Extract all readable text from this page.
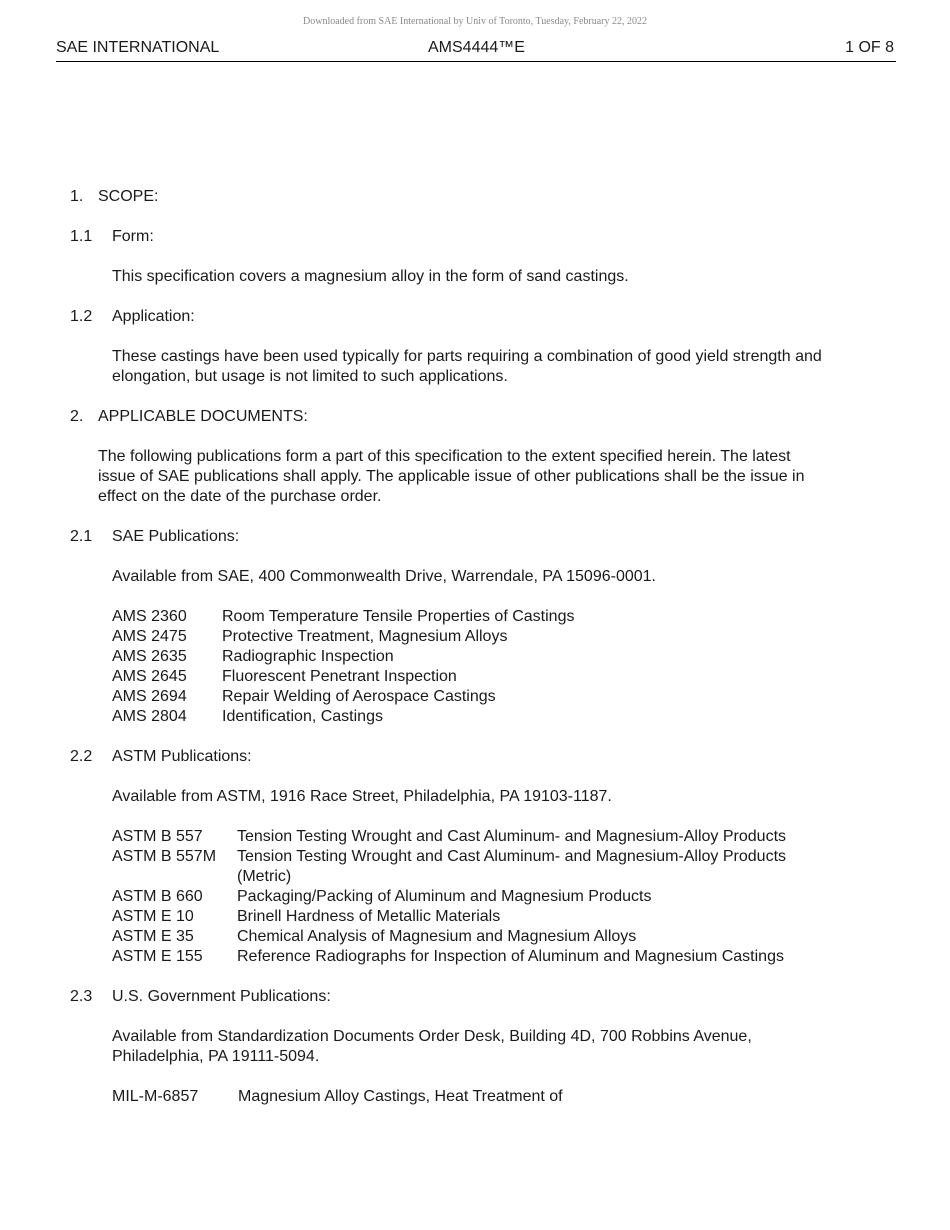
Downloaded from SAE International by Univ of Toronto, Tuesday, February 22, 2022
SAE INTERNATIONAL	AMS4444™E	1 OF 8
1. SCOPE:
1.1	Form:
This specification covers a magnesium alloy in the form of sand castings.
1.2	Application:
These castings have been used typically for parts requiring a combination of good yield strength and
elongation, but usage is not limited to such applications.
2. APPLICABLE DOCUMENTS:
The following publications form a part of this specification to the extent specified herein. The latest
issue of SAE publications shall apply. The applicable issue of other publications shall be the issue in
effect on the date of the purchase order.
2.1	SAE Publications:
Available from SAE, 400 Commonwealth Drive, Warrendale, PA 15096-0001.
AMS 2360 Room Temperature Tensile Properties of Castings
AMS 2475 Protective Treatment, Magnesium Alloys
AMS 2635 Radiographic Inspection
AMS 2645 Fluorescent Penetrant Inspection
AMS 2694 Repair Welding of Aerospace Castings
AMS 2804 Identification, Castings
2.2	ASTM Publications:
Available from ASTM, 1916 Race Street, Philadelphia, PA 19103-1187.
ASTM B 557 Tension Testing Wrought and Cast Aluminum- and Magnesium-Alloy Products
ASTM B 557M Tension Testing Wrought and Cast Aluminum- and Magnesium-Alloy Products (Metric)
ASTM B 660 Packaging/Packing of Aluminum and Magnesium Products
ASTM E 10	Brinell Hardness of Metallic Materials
ASTM E 35	Chemical Analysis of Magnesium and Magnesium Alloys
ASTM E 155 Reference Radiographs for Inspection of Aluminum and Magnesium Castings
2.3	U.S. Government Publications:
Available from Standardization Documents Order Desk, Building 4D, 700 Robbins Avenue,
Philadelphia, PA 19111-5094.
MIL-M-6857 Magnesium Alloy Castings, Heat Treatment of
